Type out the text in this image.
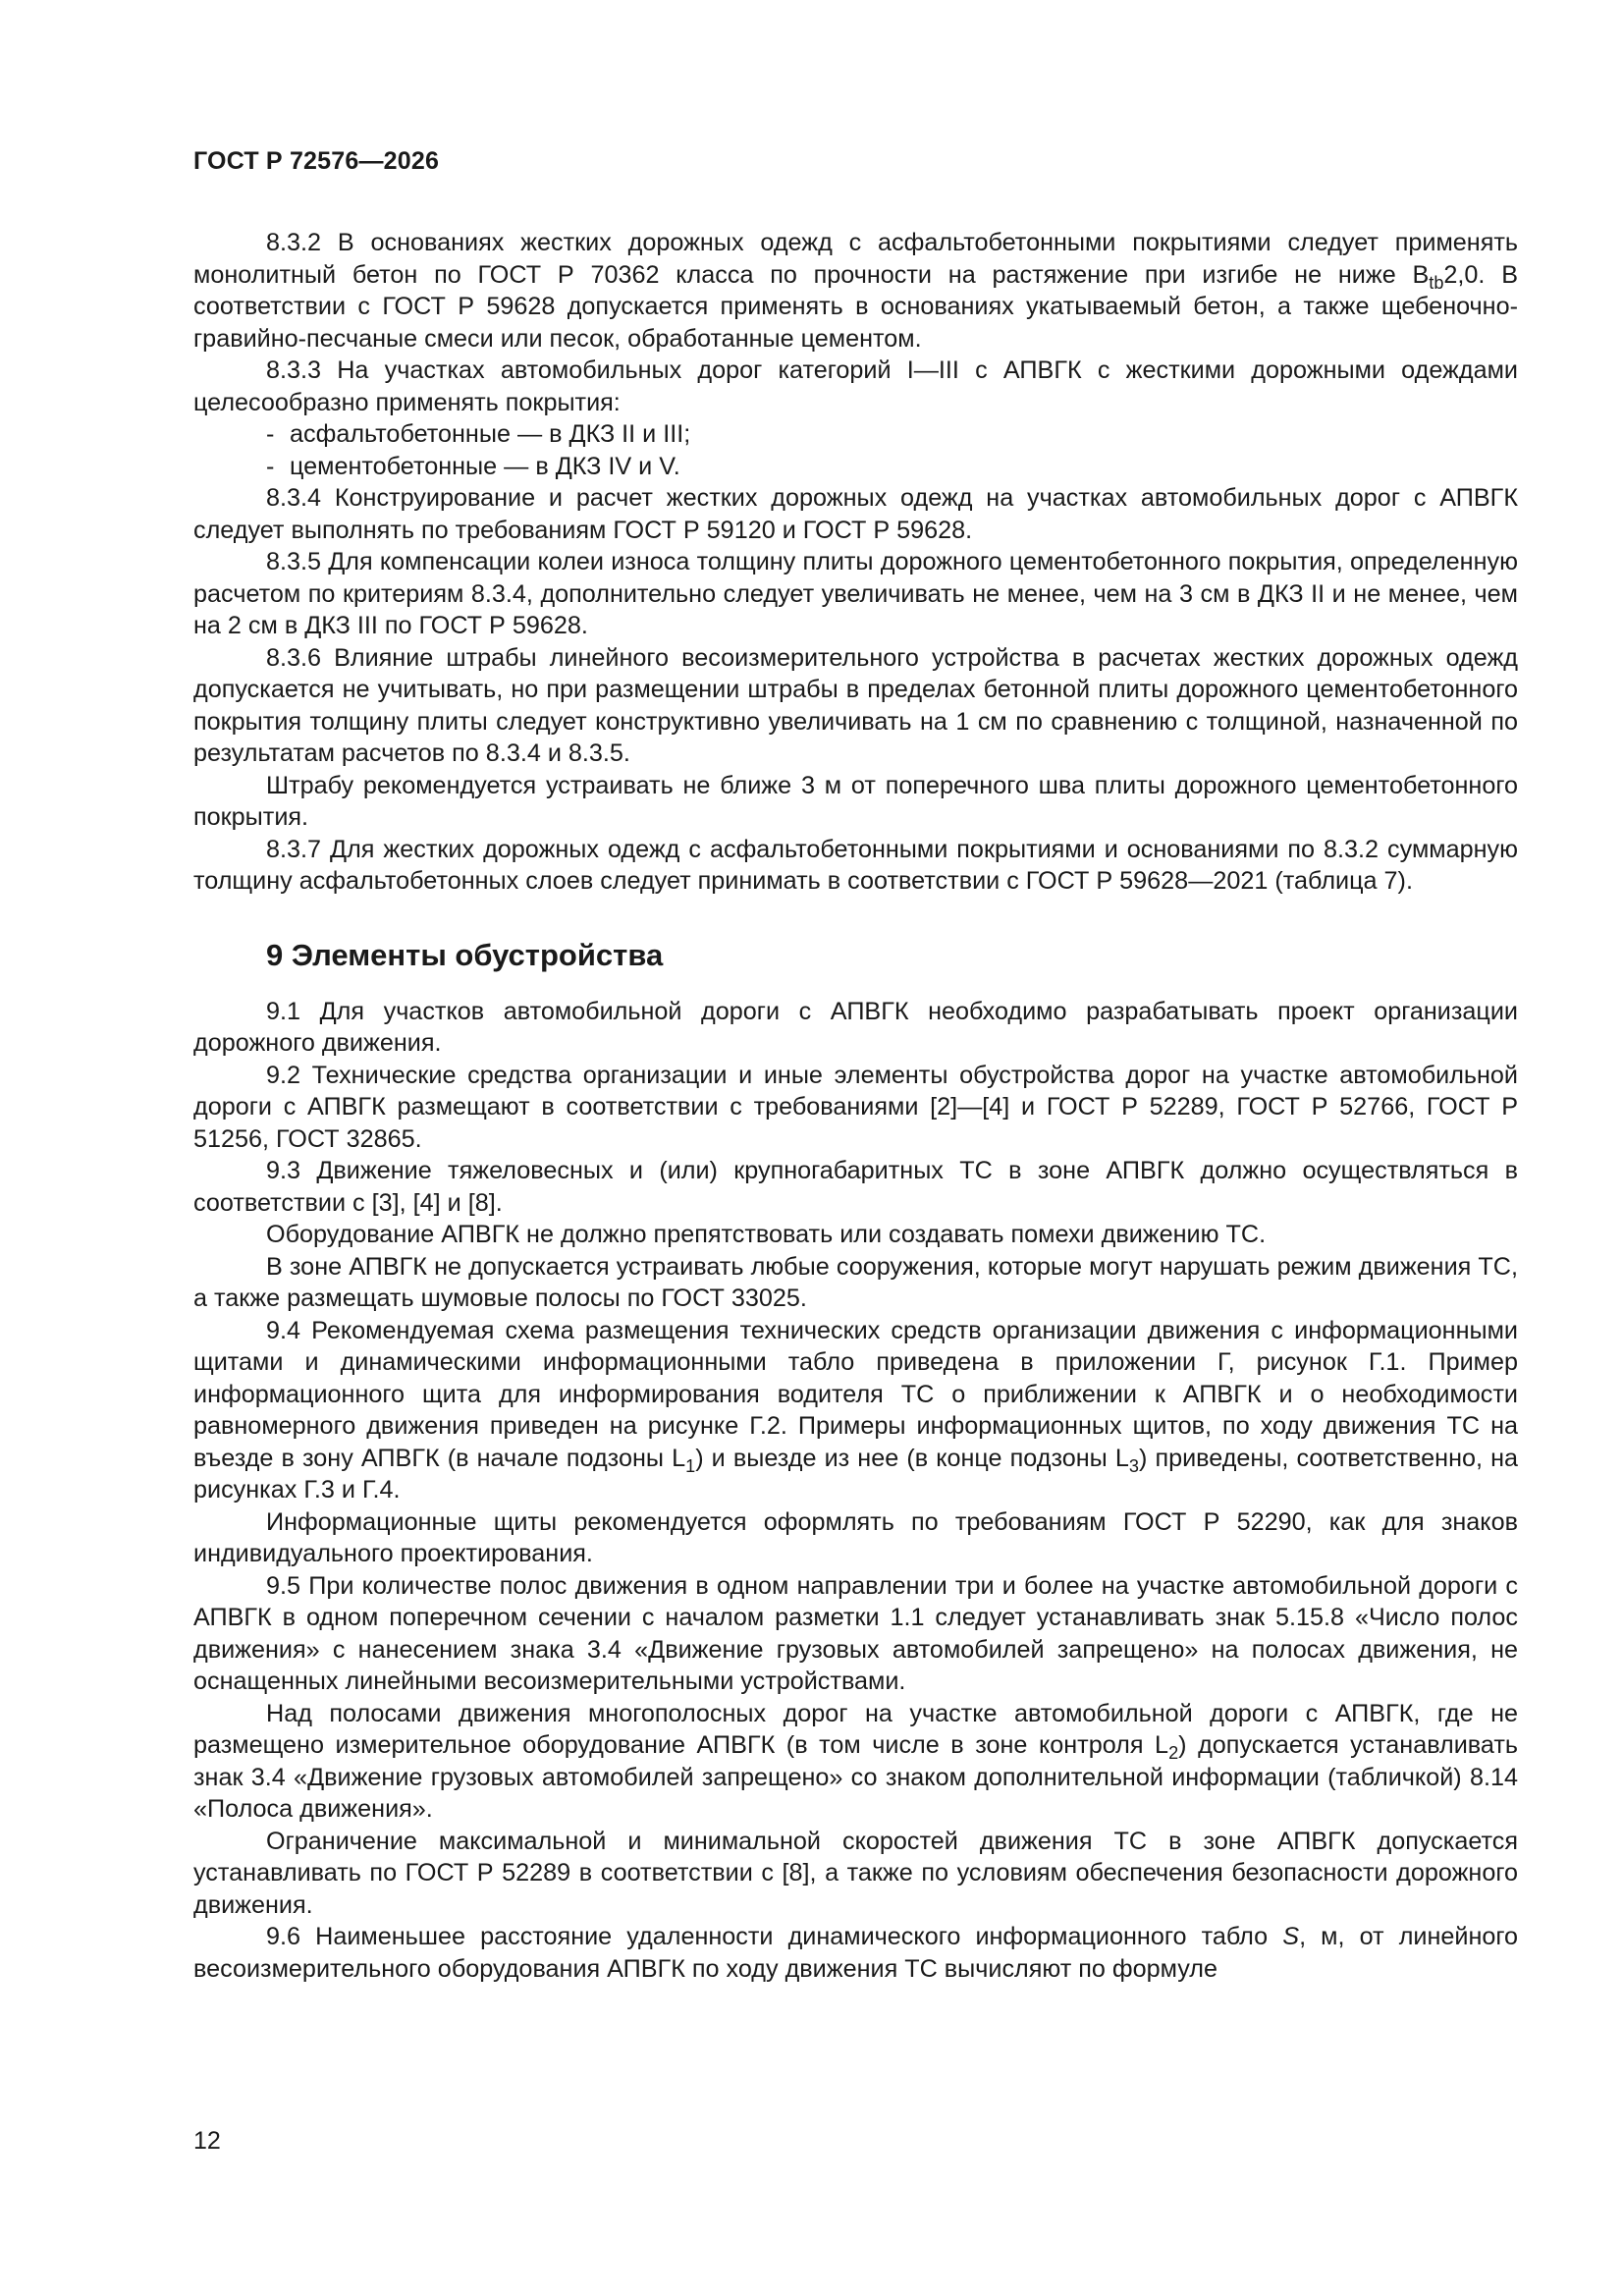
ГОСТ Р 72576—2026

8.3.2 В основаниях жестких дорожных одежд с асфальтобетонными покрытиями следует применять монолитный бетон по ГОСТ Р 70362 класса по прочности на растяжение при изгибе не ниже $B_{tb}2,0$. В соответствии с ГОСТ Р 59628 допускается применять в основаниях укатываемый бетон, а также щебеночно-гравийно-песчаные смеси или песок, обработанные цементом.

8.3.3 На участках автомобильных дорог категорий I—III с АПВГК с жесткими дорожными одеждами целесообразно применять покрытия:

- асфальтобетонные — в ДКЗ II и III;

- цементобетонные — в ДКЗ IV и V.

8.3.4 Конструирование и расчет жестких дорожных одежд на участках автомобильных дорог с АПВГК следует выполнять по требованиям ГОСТ Р 59120 и ГОСТ Р 59628.

8.3.5 Для компенсации колеи износа толщину плиты дорожного цементобетонного покрытия, определенную расчетом по критериям 8.3.4, дополнительно следует увеличивать не менее, чем на 3 см в ДКЗ II и не менее, чем на 2 см в ДКЗ III по ГОСТ Р 59628.

8.3.6 Влияние штрабы линейного весоизмерительного устройства в расчетах жестких дорожных одежд допускается не учитывать, но при размещении штрабы в пределах бетонной плиты дорожного цементобетонного покрытия толщину плиты следует конструктивно увеличивать на 1 см по сравнению с толщиной, назначенной по результатам расчетов по 8.3.4 и 8.3.5.

Штрабу рекомендуется устраивать не ближе 3 м от поперечного шва плиты дорожного цементобетонного покрытия.

8.3.7 Для жестких дорожных одежд с асфальтобетонными покрытиями и основаниями по 8.3.2 суммарную толщину асфальтобетонных слоев следует принимать в соответствии с ГОСТ Р 59628—2021 (таблица 7).

9 Элементы обустройства

9.1 Для участков автомобильной дороги с АПВГК необходимо разрабатывать проект организации дорожного движения.

9.2 Технические средства организации и иные элементы обустройства дорог на участке автомобильной дороги с АПВГК размещают в соответствии с требованиями [2]—[4] и ГОСТ Р 52289, ГОСТ Р 52766, ГОСТ Р 51256, ГОСТ 32865.

9.3 Движение тяжеловесных и (или) крупногабаритных ТС в зоне АПВГК должно осуществляться в соответствии с [3], [4] и [8].

Оборудование АПВГК не должно препятствовать или создавать помехи движению ТС.

В зоне АПВГК не допускается устраивать любые сооружения, которые могут нарушать режим движения ТС, а также размещать шумовые полосы по ГОСТ 33025.

9.4 Рекомендуемая схема размещения технических средств организации движения с информационными щитами и динамическими информационными табло приведена в приложении Г, рисунок Г.1. Пример информационного щита для информирования водителя ТС о приближении к АПВГК и о необходимости равномерного движения приведен на рисунке Г.2. Примеры информационных щитов, по ходу движения ТС на въезде в зону АПВГК (в начале подзоны $L_1$) и выезде из нее (в конце подзоны $L_3$) приведены, соответственно, на рисунках Г.3 и Г.4.

Информационные щиты рекомендуется оформлять по требованиям ГОСТ Р 52290, как для знаков индивидуального проектирования.

9.5 При количестве полос движения в одном направлении три и более на участке автомобильной дороги с АПВГК в одном поперечном сечении с началом разметки 1.1 следует устанавливать знак 5.15.8 «Число полос движения» с нанесением знака 3.4 «Движение грузовых автомобилей запрещено» на полосах движения, не оснащенных линейными весоизмерительными устройствами.

Над полосами движения многополосных дорог на участке автомобильной дороги с АПВГК, где не размещено измерительное оборудование АПВГК (в том числе в зоне контроля $L_2$) допускается устанавливать знак 3.4 «Движение грузовых автомобилей запрещено» со знаком дополнительной информации (табличкой) 8.14 «Полоса движения».

Ограничение максимальной и минимальной скоростей движения ТС в зоне АПВГК допускается устанавливать по ГОСТ Р 52289 в соответствии с [8], а также по условиям обеспечения безопасности дорожного движения.

9.6 Наименьшее расстояние удаленности динамического информационного табло S, м, от линейного весоизмерительного оборудования АПВГК по ходу движения ТС вычисляют по формуле

12
